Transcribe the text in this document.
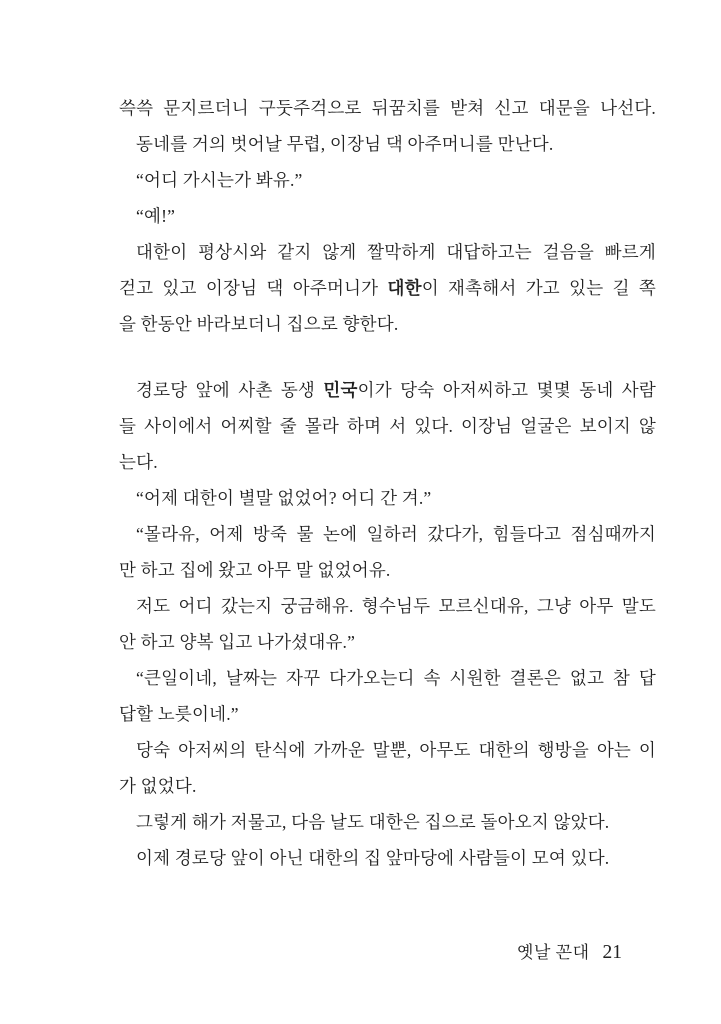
쓱쓱 문지르더니 구둣주걱으로 뒤꿈치를 받쳐 신고 대문을 나선다.
동네를 거의 벗어날 무렵, 이장님 댁 아주머니를 만난다.
“어디 가시는가 봐유.”
“예!”
대한이 평상시와 같지 않게 짤막하게 대답하고는 걸음을 빠르게
걷고 있고 이장님 댁 아주머니가 대한이 재촉해서 가고 있는 길 쪽
을 한동안 바라보더니 집으로 향한다.
경로당 앞에 사촌 동생 민국이가 당숙 아저씨하고 몇몇 동네 사람
들 사이에서 어찌할 줄 몰라 하며 서 있다. 이장님 얼굴은 보이지 않
는다.
“어제 대한이 별말 없었어? 어디 간 겨.”
“몰라유, 어제 방죽 물 논에 일하러 갔다가, 힘들다고 점심때까지
만 하고 집에 왔고 아무 말 없었어유.
저도 어디 갔는지 궁금해유. 형수님두 모르신대유, 그냥 아무 말도
안 하고 양복 입고 나가셨대유.”
“큰일이네, 날짜는 자꾸 다가오는디 속 시원한 결론은 없고 참 답
답할 노릇이네.”
당숙 아저씨의 탄식에 가까운 말뿐, 아무도 대한의 행방을 아는 이
가 없었다.
그렇게 해가 저물고, 다음 날도 대한은 집으로 돌아오지 않았다.
이제 경로당 앞이 아닌 대한의 집 앞마당에 사람들이 모여 있다.
옛날 꼰대 21
